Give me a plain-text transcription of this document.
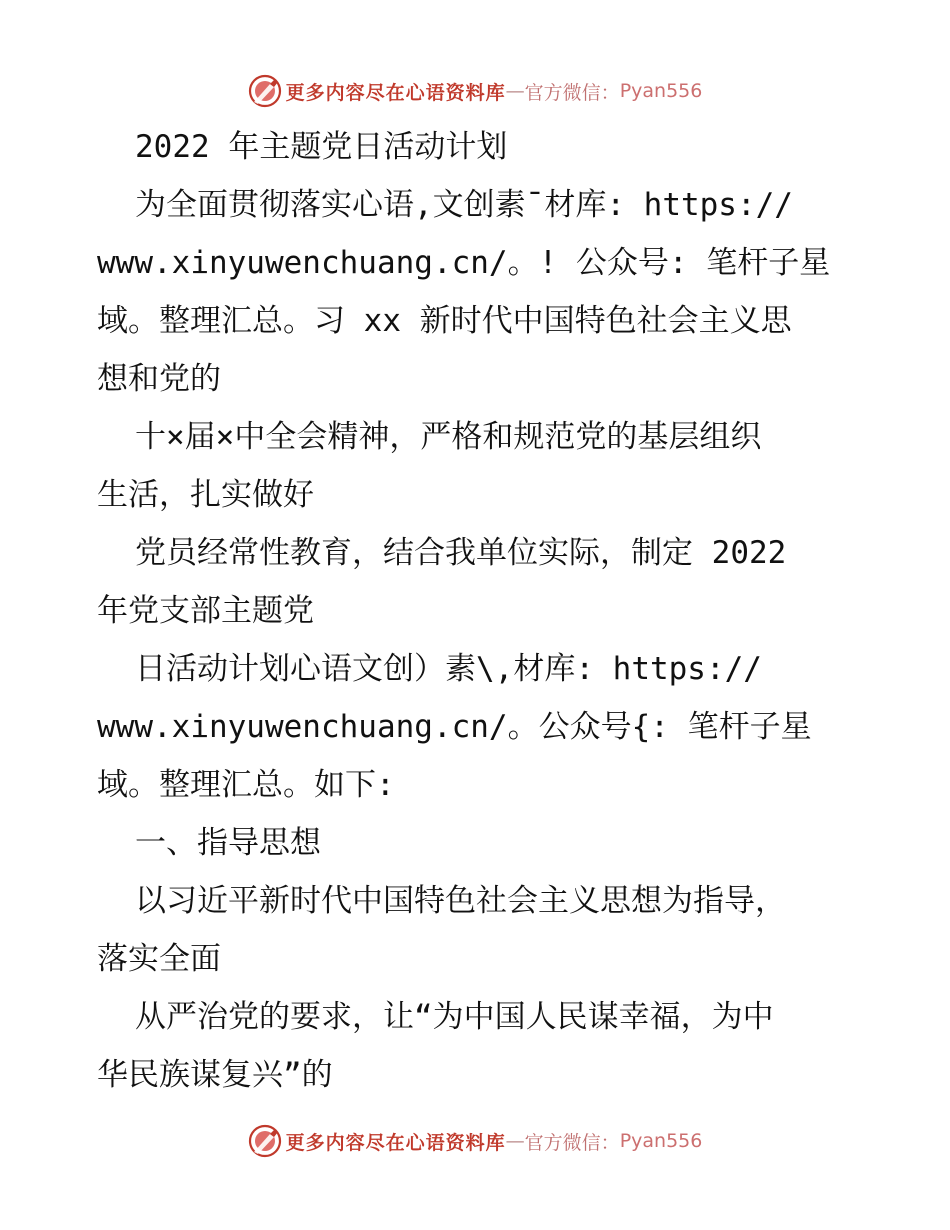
更多内容尽在心语资料库 — 官方微信： Pyan556
2022 年主题党日活动计划
为全面贯彻落实心语,文创素¯材库: https://
www.xinyuwenchuang.cn/。! 公众号: 笔杆子星
域。整理汇总。习 xx 新时代中国特色社会主义思
想和党的
十×届×中全会精神，严格和规范党的基层组织
生活，扎实做好
党员经常性教育，结合我单位实际，制定 2022
年党支部主题党
日活动计划心语文创）素\,材库: https://
www.xinyuwenchuang.cn/。公众号{: 笔杆子星
域。整理汇总。如下:
一、指导思想
以习近平新时代中国特色社会主义思想为指导，
落实全面
从严治党的要求，让“为中国人民谋幸福，为中
华民族谋复兴”的
更多内容尽在心语资料库 — 官方微信： Pyan556
